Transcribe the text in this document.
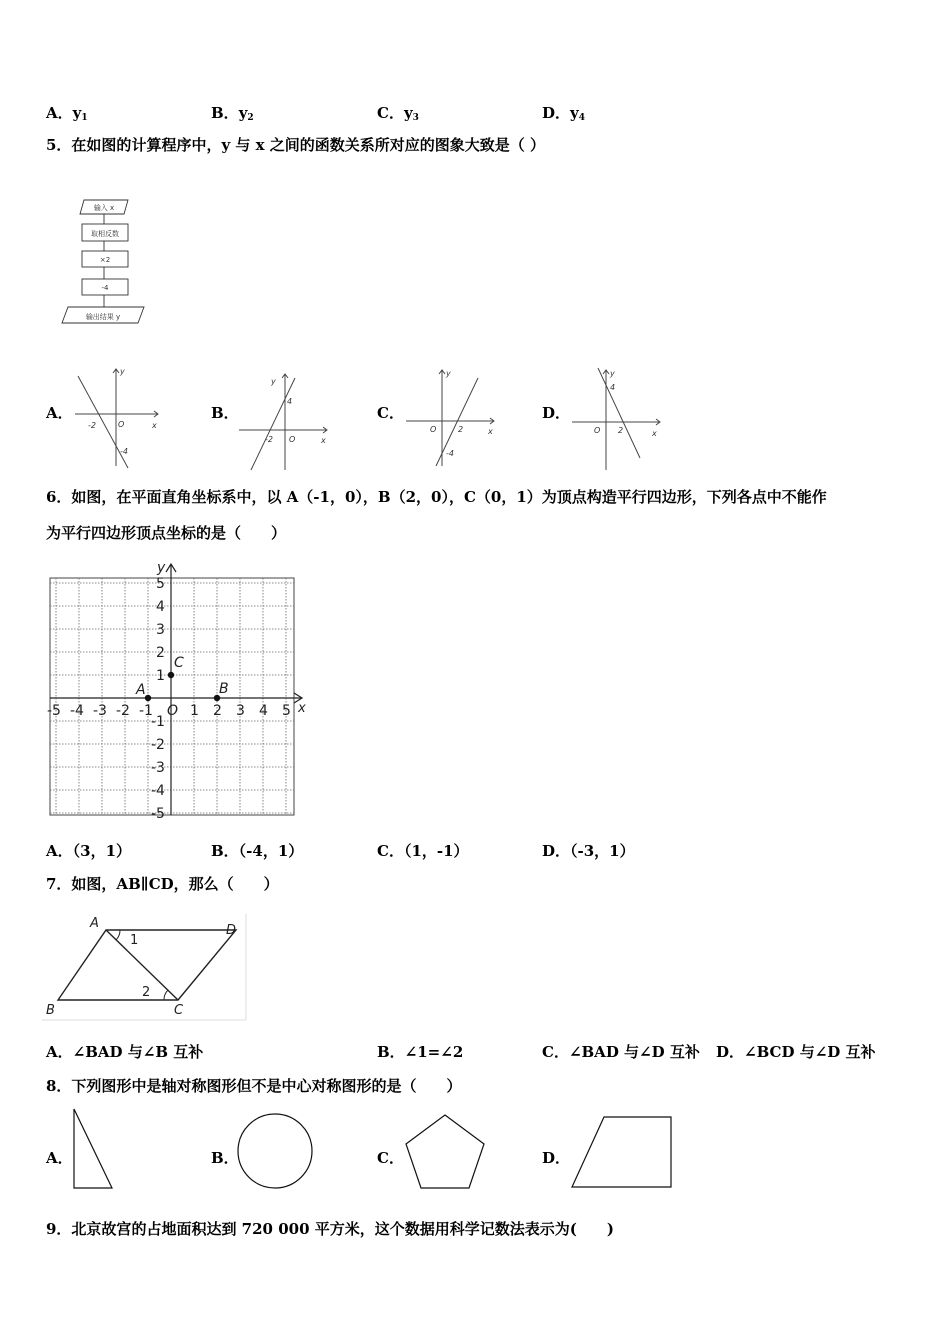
A．$y_1$	B．$y_2$	C．$y_3$	D．$y_4$
5．在如图的计算程序中，y 与 x 之间的函数关系所对应的图象大致是（ ）
输入 x
取相反数
×2
-4
输出结果 y
A．	B．	C．	D．
y
x
O
-2
-4
y
x
O
-2
4
y
x
O	2
-4
y
x
O
4
2
6．如图，在平面直角坐标系中，以 A（-1，0），B（2，0），C（0，1）为顶点构造平行四边形，下列各点中不能作
为平行四边形顶点坐标的是（　　）
-5 -4 -3 -2 -1	1 2 3 4 5
5
4
3
2
1
-1
-2
-3
-4
-5
x
y
O
A	B
C
A．（3，1）	B．（-4，1）	C．（1，-1）	D．（-3，1）
7．如图，AB∥CD，那么（　　）
A	D
B	C
1
2
A．∠BAD 与∠B 互补	B．∠1=∠2	C．∠BAD 与∠D 互补 D．∠BCD 与∠D 互补
8．下列图形中是轴对称图形但不是中心对称图形的是（　　）
A．	B．	C．	D．
9．北京故宫的占地面积达到 720 000 平方米，这个数据用科学记数法表示为(　　)
